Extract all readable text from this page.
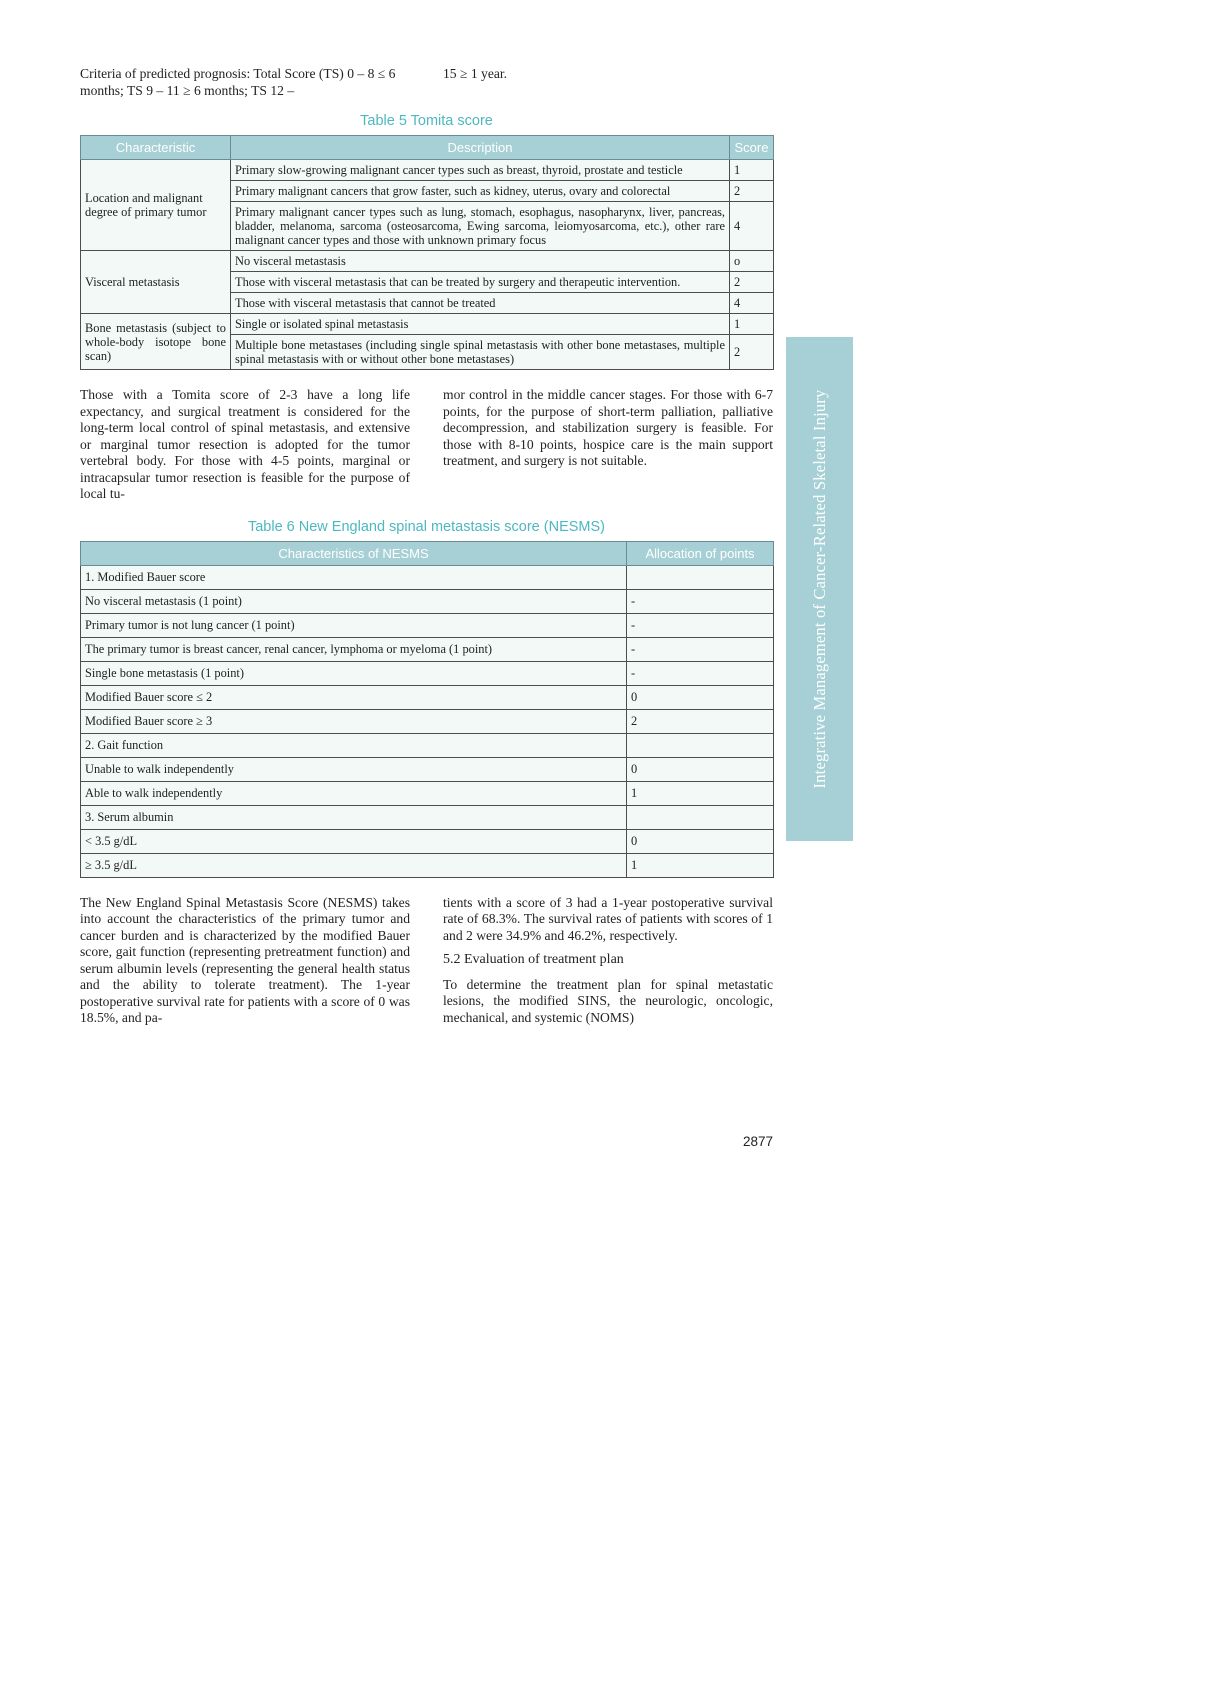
Criteria of predicted prognosis: Total Score (TS) 0 – 8 ≤ 6 months; TS 9 – 11 ≥ 6 months; TS 12 –

15 ≥ 1 year.

Table 5 Tomita score

Characteristic	Description	Score
Location and malignant degree of primary tumor	Primary slow-growing malignant cancer types such as breast, thyroid, prostate and testicle	1
	Primary malignant cancers that grow faster, such as kidney, uterus, ovary and colorectal	2
	Primary malignant cancer types such as lung, stomach, esophagus, nasopharynx, liver, pancreas, bladder, melanoma, sarcoma (osteosarcoma, Ewing sarcoma, leiomyosarcoma, etc.), other rare malignant cancer types and those with unknown primary focus	4
Visceral metastasis	No visceral metastasis	o
	Those with visceral metastasis that can be treated by surgery and therapeutic intervention.	2
	Those with visceral metastasis that cannot be treated	4
Bone metastasis (subject to whole-body isotope bone scan)	Single or isolated spinal metastasis	1
	Multiple bone metastases (including single spinal metastasis with other bone metastases, multiple spinal metastasis with or without other bone metastases)	2

Those with a Tomita score of 2-3 have a long life expectancy, and surgical treatment is considered for the long-term local control of spinal metastasis, and extensive or marginal tumor resection is adopted for the tumor vertebral body. For those with 4-5 points, marginal or intracapsular tumor resection is feasible for the purpose of local tu-

mor control in the middle cancer stages. For those with 6-7 points, for the purpose of short-term palliation, palliative decompression, and stabilization surgery is feasible. For those with 8-10 points, hospice care is the main support treatment, and surgery is not suitable.

Table 6 New England spinal metastasis score (NESMS)

Characteristics of NESMS	Allocation of points
1. Modified Bauer score	
No visceral metastasis (1 point)	-
Primary tumor is not lung cancer (1 point)	-
The primary tumor is breast cancer, renal cancer, lymphoma or myeloma (1 point)	-
Single bone metastasis (1 point)	-
Modified Bauer score ≤ 2	0
Modified Bauer score ≥ 3	2
2. Gait function	
Unable to walk independently	0
Able to walk independently	1
3. Serum albumin	
< 3.5 g/dL	0
≥ 3.5 g/dL	1

The New England Spinal Metastasis Score (NESMS) takes into account the characteristics of the primary tumor and cancer burden and is characterized by the modified Bauer score, gait function (representing pretreatment function) and serum albumin levels (representing the general health status and the ability to tolerate treatment). The 1-year postoperative survival rate for patients with a score of 0 was 18.5%, and pa-

tients with a score of 3 had a 1-year postoperative survival rate of 68.3%. The survival rates of patients with scores of 1 and 2 were 34.9% and 46.2%, respectively.

5.2 Evaluation of treatment plan

To determine the treatment plan for spinal metastatic lesions, the modified SINS, the neurologic, oncologic, mechanical, and systemic (NOMS)

Integrative Management of Cancer-Related Skeletal Injury
2877
